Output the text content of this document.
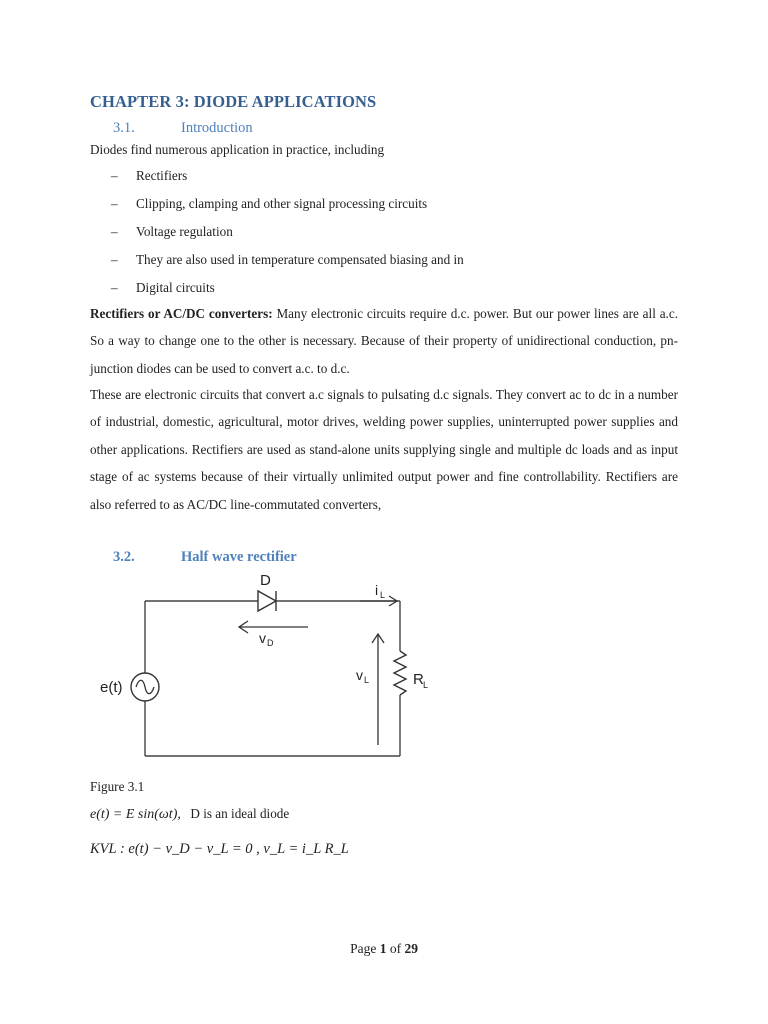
CHAPTER 3: DIODE APPLICATIONS
3.1.	Introduction
Diodes find numerous application in practice, including
– Rectifiers
– Clipping, clamping and other signal processing circuits
– Voltage regulation
– They are also used in temperature compensated biasing and in
– Digital circuits
Rectifiers or AC/DC converters: Many electronic circuits require d.c. power. But our power lines are all a.c. So a way to change one to the other is necessary. Because of their property of unidirectional conduction, pn-junction diodes can be used to convert a.c. to d.c.
These are electronic circuits that convert a.c signals to pulsating d.c signals. They convert ac to dc in a number of industrial, domestic, agricultural, motor drives, welding power supplies, uninterrupted power supplies and other applications. Rectifiers are used as stand-alone units supplying single and multiple dc loads and as input stage of ac systems because of their virtually unlimited output power and fine controllability. Rectifiers are also referred to as AC/DC line-commutated converters,
3.2.	Half wave rectifier
D
i L
v D
v L	R L
e(t)
Figure 3.1
e(t) = E sin(ωt), D is an ideal diode
KVL : e(t) − v_D − v_L = 0 , v_L = i_L R_L
Page 1 of 29
